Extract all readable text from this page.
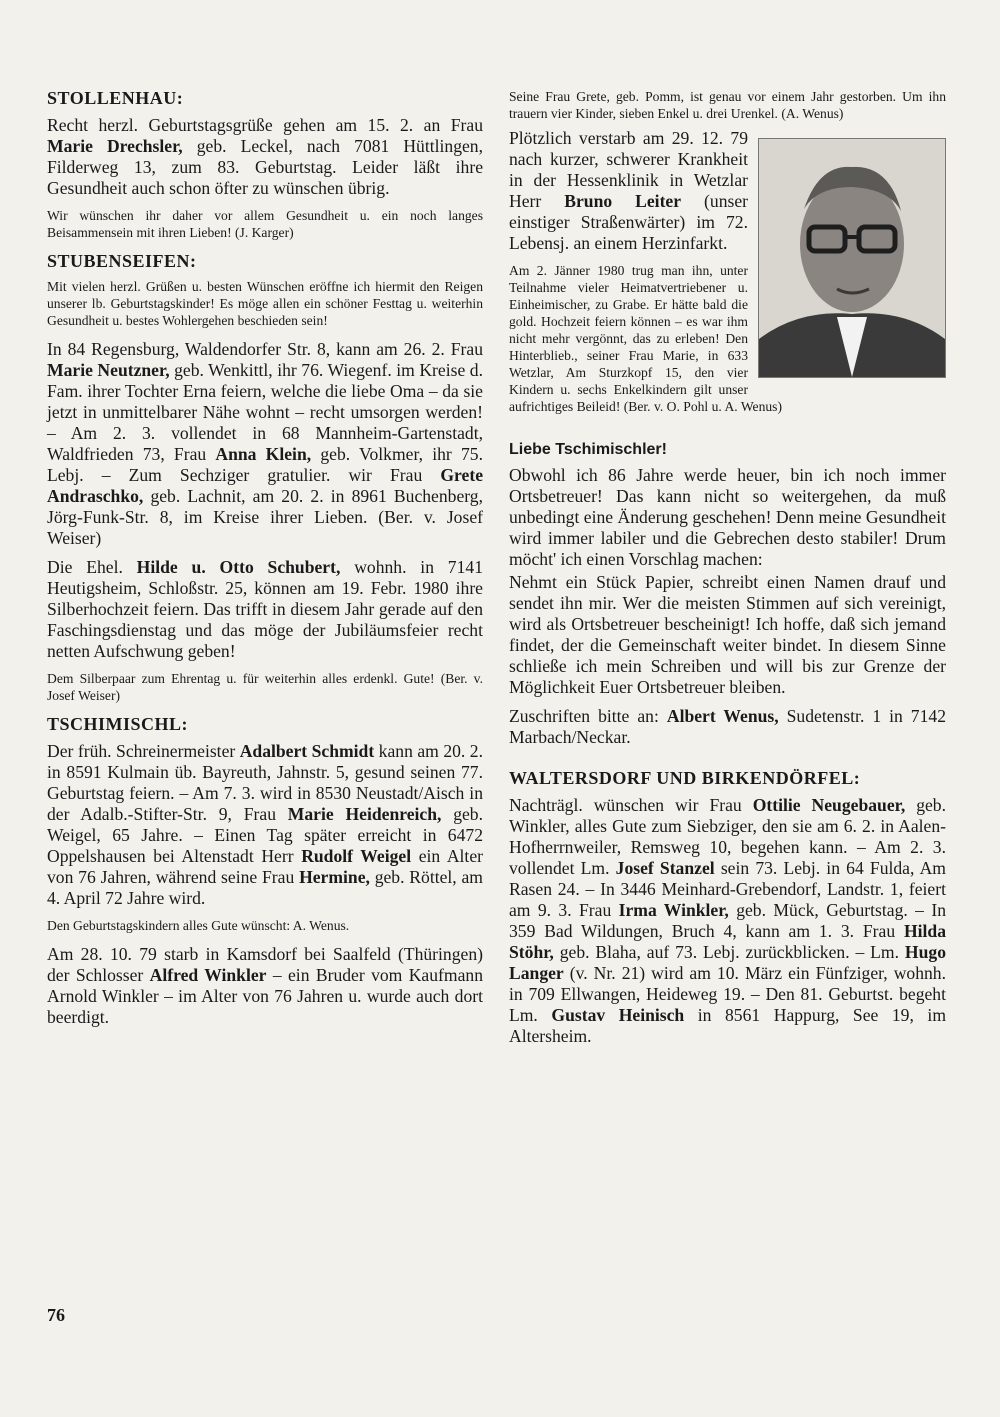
STOLLENHAU:
Recht herzl. Geburtstagsgrüße gehen am 15. 2. an Frau Marie Drechsler, geb. Leckel, nach 7081 Hüttlingen, Filderweg 13, zum 83. Geburtstag. Leider läßt ihre Gesundheit auch schon öfter zu wünschen übrig.
Wir wünschen ihr daher vor allem Gesundheit u. ein noch langes Beisammensein mit ihren Lieben! (J. Karger)
STUBENSEIFEN:
Mit vielen herzl. Grüßen u. besten Wünschen eröffne ich hiermit den Reigen unserer lb. Geburtstagskinder! Es möge allen ein schöner Festtag u. weiterhin Gesundheit u. bestes Wohlergehen beschieden sein!
In 84 Regensburg, Waldendorfer Str. 8, kann am 26. 2. Frau Marie Neutzner, geb. Wenkittl, ihr 76. Wiegenf. im Kreise d. Fam. ihrer Tochter Erna feiern, welche die liebe Oma – da sie jetzt in unmittelbarer Nähe wohnt – recht umsorgen werden! – Am 2. 3. vollendet in 68 Mannheim-Gartenstadt, Waldfrieden 73, Frau Anna Klein, geb. Volkmer, ihr 75. Lebj. – Zum Sechziger gratulier. wir Frau Grete Andraschko, geb. Lachnit, am 20. 2. in 8961 Buchenberg, Jörg-Funk-Str. 8, im Kreise ihrer Lieben. (Ber. v. Josef Weiser)
Die Ehel. Hilde u. Otto Schubert, wohnh. in 7141 Heutigsheim, Schloßstr. 25, können am 19. Febr. 1980 ihre Silberhochzeit feiern. Das trifft in diesem Jahr gerade auf den Faschingsdienstag und das möge der Jubiläumsfeier recht netten Aufschwung geben!
Dem Silberpaar zum Ehrentag u. für weiterhin alles erdenkl. Gute! (Ber. v. Josef Weiser)
TSCHIMISCHL:
Der früh. Schreinermeister Adalbert Schmidt kann am 20. 2. in 8591 Kulmain üb. Bayreuth, Jahnstr. 5, gesund seinen 77. Geburtstag feiern. – Am 7. 3. wird in 8530 Neustadt/Aisch in der Adalb.-Stifter-Str. 9, Frau Marie Heidenreich, geb. Weigel, 65 Jahre. – Einen Tag später erreicht in 6472 Oppelshausen bei Altenstadt Herr Rudolf Weigel ein Alter von 76 Jahren, während seine Frau Hermine, geb. Röttel, am 4. April 72 Jahre wird.
Den Geburtstagskindern alles Gute wünscht: A. Wenus.
Am 28. 10. 79 starb in Kamsdorf bei Saalfeld (Thüringen) der Schlosser Alfred Winkler – ein Bruder vom Kaufmann Arnold Winkler – im Alter von 76 Jahren u. wurde auch dort beerdigt.
Seine Frau Grete, geb. Pomm, ist genau vor einem Jahr gestorben. Um ihn trauern vier Kinder, sieben Enkel u. drei Urenkel. (A. Wenus)
Plötzlich verstarb am 29. 12. 79 nach kurzer, schwerer Krankheit in der Hessenklinik in Wetzlar Herr Bruno Leiter (unser einstiger Straßenwärter) im 72. Lebensj. an einem Herzinfarkt.
Am 2. Jänner 1980 trug man ihn, unter Teilnahme vieler Heimatvertriebener u. Einheimischer, zu Grabe. Er hätte bald die gold. Hochzeit feiern können – es war ihm nicht mehr vergönnt, das zu erleben! Den Hinterblieb., seiner Frau Marie, in 633 Wetzlar, Am Sturzkopf 15, den vier Kindern u. sechs Enkelkindern gilt unser aufrichtiges Beileid! (Ber. v. O. Pohl u. A. Wenus)
Liebe Tschimischler!
Obwohl ich 86 Jahre werde heuer, bin ich noch immer Ortsbetreuer! Das kann nicht so weitergehen, da muß unbedingt eine Änderung geschehen! Denn meine Gesundheit wird immer labiler und die Gebrechen desto stabiler! Drum möcht' ich einen Vorschlag machen:
Nehmt ein Stück Papier, schreibt einen Namen drauf und sendet ihn mir. Wer die meisten Stimmen auf sich vereinigt, wird als Ortsbetreuer bescheinigt! Ich hoffe, daß sich jemand findet, der die Gemeinschaft weiter bindet. In diesem Sinne schließe ich mein Schreiben und will bis zur Grenze der Möglichkeit Euer Ortsbetreuer bleiben.
Zuschriften bitte an: Albert Wenus, Sudetenstr. 1 in 7142 Marbach/Neckar.
WALTERSDORF UND BIRKENDÖRFEL:
Nachträgl. wünschen wir Frau Ottilie Neugebauer, geb. Winkler, alles Gute zum Siebziger, den sie am 6. 2. in Aalen-Hofherrnweiler, Remsweg 10, begehen kann. – Am 2. 3. vollendet Lm. Josef Stanzel sein 73. Lebj. in 64 Fulda, Am Rasen 24. – In 3446 Meinhard-Grebendorf, Landstr. 1, feiert am 9. 3. Frau Irma Winkler, geb. Mück, Geburtstag. – In 359 Bad Wildungen, Bruch 4, kann am 1. 3. Frau Hilda Stöhr, geb. Blaha, auf 73. Lebj. zurückblicken. – Lm. Hugo Langer (v. Nr. 21) wird am 10. März ein Fünfziger, wohnh. in 709 Ellwangen, Heideweg 19. – Den 81. Geburtst. begeht Lm. Gustav Heinisch in 8561 Happurg, See 19, im Altersheim.
76
